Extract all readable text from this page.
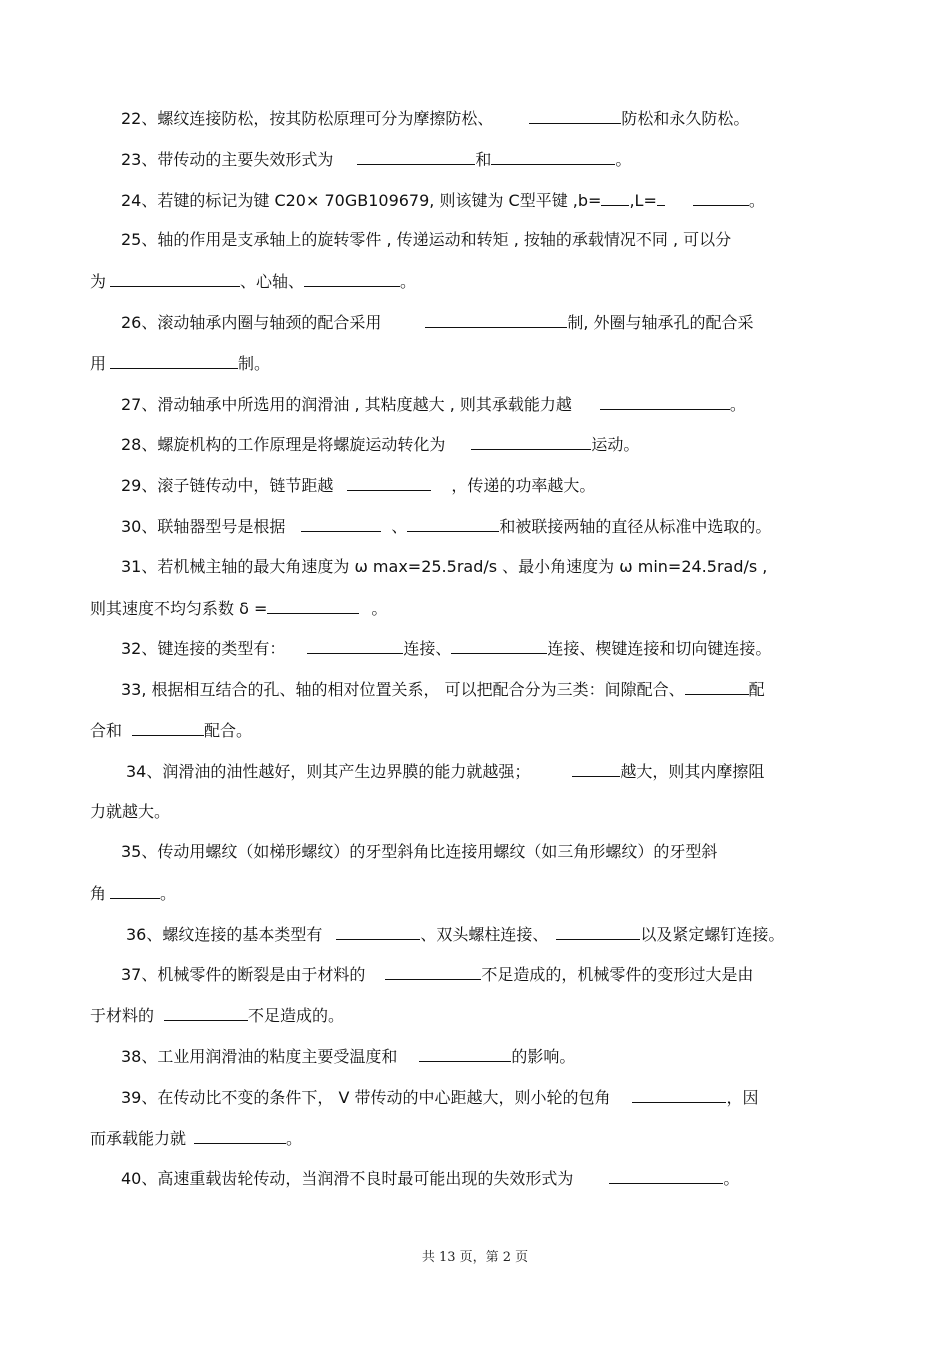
22、螺纹连接防松，按其防松原理可分为摩擦防松、	防松和永久防松。
23、带传动的主要失效形式为	和	。
24、若键的标记为键 C20× 70GB109679, 则该键为 C型平键 ,b= ,L=	。
25、轴的作用是支承轴上的旋转零件 , 传递运动和转矩 , 按轴的承载情况不同 , 可以分
为	、心轴、	。
26、滚动轴承内圈与轴颈的配合采用	制, 外圈与轴承孔的配合采
用	制。
27、滑动轴承中所选用的润滑油 , 其粘度越大 , 则其承载能力越	。
28、螺旋机构的工作原理是将螺旋运动转化为	运动。
29、滚子链传动中，链节距越	，传递的功率越大。
30、联轴器型号是根据	、	和被联接两轴的直径从标准中选取的。
31、若机械主轴的最大角速度为 ω max=25.5rad/s 、最小角速度为 ω min=24.5rad/s ,
则其速度不均匀系数 δ =	。
32、键连接的类型有：	连接、	连接、楔键连接和切向键连接。
33, 根据相互结合的孔、轴的相对位置关系， 可以把配合分为三类：间隙配合、	配
合和	配合。
34、润滑油的油性越好，则其产生边界膜的能力就越强；	越大，则其内摩擦阻
力就越大。
35、传动用螺纹（如梯形螺纹）的牙型斜角比连接用螺纹（如三角形螺纹）的牙型斜
角	。
36、螺纹连接的基本类型有	、双头螺柱连接、	以及紧定螺钉连接。
37、机械零件的断裂是由于材料的	不足造成的，机械零件的变形过大是由
于材料的	不足造成的。
38、工业用润滑油的粘度主要受温度和	的影响。
39、在传动比不变的条件下， V 带传动的中心距越大，则小轮的包角	，因
而承载能力就	。
40、高速重载齿轮传动，当润滑不良时最可能出现的失效形式为	。
共 13 页，第 2 页
